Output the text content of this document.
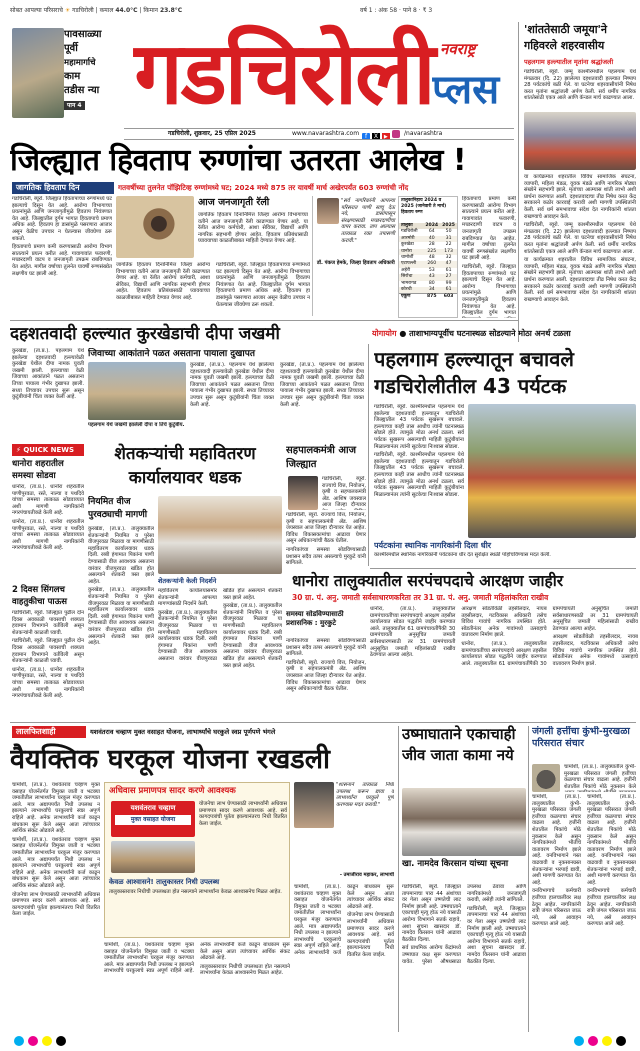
सोबत आपल्या परिसराचे ☀ गडचिरोली | कमाल 44.0°C | किमान 23.8°C	वर्ष 1 : अंक 58 · पाने 8 · ₹ 3
पावसाळ्या
पूर्वी
महामार्गाचे
काम
तडीस न्या
पान 4 गडचिरोली नवराष्ट्र
प्लस
गडचिरोली, शुक्रवार, 25 एप्रिल 2025	www.navarashtra.com f X ▶	/navarashtra
'शांततेसाठी जमूया'ने
गहिवरले शहरवासीय
पहलगाम हल्ल्यातील मृतांना श्रद्धांजली

गडचिरोली, ब्यूरो. जम्मू काश्मीरमधील पहलगाम येथे मंगळवार (दि. 22) झालेल्या दहशतवादी हल्ल्यात निष्पाप 28 पर्यटकांचे बळी गेले. या घटनेचा शहरवासीयांनी निषेध करत मृतांना श्रद्धांजली अर्पण केली. सर्व धर्मीय नागरिक शांततेसाठी एकत्र आले आणि कॅन्डल मार्च काढण्यात आला.

या कार्यक्रमात शहरातील विविध सामाजिक संघटना, व्यापारी, महिला मंडळ, युवक मंडळे आणि नागरिक मोठ्या संख्येने सहभागी झाले. मृतांच्या आत्म्यास शांती लाभो अशी प्रार्थना करण्यात आली. दहशतवादाचा तीव्र निषेध करत केंद्र सरकारने कठोर कारवाई करावी अशी मागणी उपस्थितांनी केली. सर्व धर्म समभावाचा संदेश देत नागरिकांनी शांतता राखण्याचे आवाहन केले.

गडचिरोली, ब्यूरो. जम्मू काश्मीरमधील पहलगाम येथे मंगळवार (दि. 22) झालेल्या दहशतवादी हल्ल्यात निष्पाप 28 पर्यटकांचे बळी गेले. या घटनेचा शहरवासीयांनी निषेध करत मृतांना श्रद्धांजली अर्पण केली. सर्व धर्मीय नागरिक शांततेसाठी एकत्र आले आणि कॅन्डल मार्च काढण्यात आला.

या कार्यक्रमात शहरातील विविध सामाजिक संघटना, व्यापारी, महिला मंडळ, युवक मंडळे आणि नागरिक मोठ्या संख्येने सहभागी झाले. मृतांच्या आत्म्यास शांती लाभो अशी प्रार्थना करण्यात आली. दहशतवादाचा तीव्र निषेध करत केंद्र सरकारने कठोर कारवाई करावी अशी मागणी उपस्थितांनी केली. सर्व धर्म समभावाचा संदेश देत नागरिकांनी शांतता राखण्याचे आवाहन केले.

जिल्ह्यात हिवताप रुग्णांचा उतरता आलेख !
जागतिक हिवताप दिन	गतवर्षीच्या तुलनेत पॉझिटिव्ह रुग्णांमध्ये घट; 2024 मध्ये 875 तर यावर्षी मार्च अखेरपर्यंत 603 रुग्णांची नोंद

गडचिरोली, ब्यूरो. जिल्ह्यात हिवतापाच्या रुग्णांमध्ये घट झाल्याचे दिसून येत आहे. आरोग्य विभागाच्या प्रयत्नांमुळे आणि जनजागृतीमुळे हिवताप नियंत्रणात येत आहे. जिल्ह्यातील दुर्गम भागात हिवतापाचे प्रमाण अधिक आहे. हिवताप हा डासांमुळे पसरणारा आजार असून वेळीच उपचार न घेतल्यास जीवघेणा ठरू शकतो.

हिवतापाचे प्रमाण कमी करण्यासाठी आरोग्य विभाग सातत्याने प्रयत्न करीत आहे. गावागावांत फवारणी, मच्छरदाणी वाटप व जनजागृती उपक्रम राबविण्यात येत आहेत. मागील वर्षाच्या तुलनेत यावर्षी रुग्णसंख्येत लक्षणीय घट झाली आहे.

आज जनजागृती रॅली

जागतिक हिवताप दिनानिमित्त जिल्हा आरोग्य विभागाच्या वतीने आज जनजागृती रॅली काढण्यात येणार आहे. या रॅलीत आरोग्य कर्मचारी, आशा सेविका, विद्यार्थी आणि नागरिक सहभागी होणार आहेत. हिवताप प्रतिबंधासाठी घ्यावयाच्या काळजीबाबत माहिती देण्यात येणार आहे.

जागतिक हिवताप दिनानिमित्त जिल्हा आरोग्य विभागाच्या वतीने आज जनजागृती रॅली काढण्यात येणार आहे. या रॅलीत आरोग्य कर्मचारी, आशा सेविका, विद्यार्थी आणि नागरिक सहभागी होणार आहेत. हिवताप प्रतिबंधासाठी घ्यावयाच्या काळजीबाबत माहिती देण्यात येणार आहे.

गडचिरोली, ब्यूरो. जिल्ह्यात हिवतापाच्या रुग्णांमध्ये घट झाल्याचे दिसून येत आहे. आरोग्य विभागाच्या प्रयत्नांमुळे आणि जनजागृतीमुळे हिवताप नियंत्रणात येत आहे. जिल्ह्यातील दुर्गम भागात हिवतापाचे प्रमाण अधिक आहे. हिवताप हा डासांमुळे पसरणारा आजार असून वेळीच उपचार न घेतल्यास जीवघेणा ठरू शकतो.

"सर्व नागरिकांनी आपल्या परिसरात पाणी साचू देऊ नये, डासांपासून संरक्षणासाठी मच्छरदाणीचा वापर करावा. ताप आल्यास तात्काळ रक्त तपासणी करावी."
डॉ. पंकज हेमके, जिल्हा हिवताप अधिकारी
तालुकानिहाय 2024 व 2025 (जानेवारी ते मार्च) हिवताप रुग्ण
तालुका	2024	2025
गडचिरोली	64	50
आरमोरी	40	31
कुरखेडा	28	22
धानोरा	225	173
चामोर्शी	48	32
एटापल्ली	260	47
अहेरी	53	61
सिरोंचा	43	27
भामरागड	80	99
कोरची	34	61
एकूण	875	603

हिवतापाचे प्रमाण कमी करण्यासाठी आरोग्य विभाग सातत्याने प्रयत्न करीत आहे. गावागावांत फवारणी, मच्छरदाणी वाटप व जनजागृती उपक्रम राबविण्यात येत आहेत. मागील वर्षाच्या तुलनेत यावर्षी रुग्णसंख्येत लक्षणीय घट झाली आहे.

गडचिरोली, ब्यूरो. जिल्ह्यात हिवतापाच्या रुग्णांमध्ये घट झाल्याचे दिसून येत आहे. आरोग्य विभागाच्या प्रयत्नांमुळे आणि जनजागृतीमुळे हिवताप नियंत्रणात येत आहे. जिल्ह्यातील दुर्गम भागात

दहशतवादी हल्ल्यात कुरखेडाची दीपा जखमी	योगायोग ● ताशाभाग्यपूर्वीच घटनास्थळ सोडल्याने मोठा अनर्थ टळला

कुरखेडा, (ता.प्र.). पहलगाम येथे झालेल्या दहशतवादी हल्ल्यावेळी कुरखेडा येथील दीपा नामक युवती जखमी झाली. हल्ल्याच्या वेळी जिवाच्या आकांताने पळत असताना तिच्या पायाला गंभीर दुखापत झाली. सध्या तिच्यावर उपचार सुरू असून कुटुंबीयांनी चिंता व्यक्त केली आहे.

जिवाच्या आकांताने पळत असताना पायाला दुखापत
पहलगाम येथे जखमी झालेली दीपा व तिचे कुटुंबीय.

कुरखेडा, (ता.प्र.). पहलगाम येथे झालेल्या दहशतवादी हल्ल्यावेळी कुरखेडा येथील दीपा नामक युवती जखमी झाली. हल्ल्याच्या वेळी जिवाच्या आकांताने पळत असताना तिच्या पायाला गंभीर दुखापत झाली. सध्या तिच्यावर उपचार सुरू असून कुटुंबीयांनी चिंता व्यक्त केली आहे.

कुरखेडा, (ता.प्र.). पहलगाम येथे झालेल्या दहशतवादी हल्ल्यावेळी कुरखेडा येथील दीपा नामक युवती जखमी झाली. हल्ल्याच्या वेळी जिवाच्या आकांताने पळत असताना तिच्या पायाला गंभीर दुखापत झाली. सध्या तिच्यावर उपचार सुरू असून कुटुंबीयांनी चिंता व्यक्त केली आहे.

पहलगाम हल्ल्यातून बचावले गडचिरोलीतील 43 पर्यटक

गडचिरोली, ब्यूरो. काश्मीरमधील पहलगाम येथे झालेल्या दहशतवादी हल्ल्यातून गडचिरोली जिल्ह्यातील 43 पर्यटक सुखरूप बचावले. हल्ल्याच्या काही तास आधीच त्यांनी घटनास्थळ सोडले होते. त्यामुळे मोठा अनर्थ टळला. सर्व पर्यटक सुखरूप असल्याची माहिती कुटुंबीयांना मिळाल्यानंतर त्यांनी सुटकेचा निःश्वास सोडला.

गडचिरोली, ब्यूरो. काश्मीरमधील पहलगाम येथे झालेल्या दहशतवादी हल्ल्यातून गडचिरोली जिल्ह्यातील 43 पर्यटक सुखरूप बचावले. हल्ल्याच्या काही तास आधीच त्यांनी घटनास्थळ सोडले होते. त्यामुळे मोठा अनर्थ टळला. सर्व पर्यटक सुखरूप असल्याची माहिती कुटुंबीयांना मिळाल्यानंतर त्यांनी सुटकेचा निःश्वास सोडला.

पर्यटकांना स्थानिक नागरिकांनी दिला धीर
काश्मीरमधील स्थानिक नागरिकांनी पर्यटकांना धीर देत सुरक्षित स्थळी पोहोचविण्यास मदत केली.
⚡ QUICK NEWS
धानोरा शहरातील समस्या सोडवा

धानोरा, (ता.प्र.). धानोरा शहरातील पाणीपुरवठा, रस्ते, नाल्या व पथदिवे यांच्या समस्या तात्काळ सोडवाव्यात अशी मागणी नागरिकांनी नगरपंचायतीकडे केली आहे.

धानोरा, (ता.प्र.). धानोरा शहरातील पाणीपुरवठा, रस्ते, नाल्या व पथदिवे यांच्या समस्या तात्काळ सोडवाव्यात अशी मागणी नागरिकांनी नगरपंचायतीकडे केली आहे.

2 दिवस सिंगलच वाहतुकीचा पाऊस

गडचिरोली, ब्यूरो. जिल्ह्यात पुढील दोन दिवस अवकाळी पावसाची शक्यता हवामान विभागाने वर्तविली असून शेतकऱ्यांनी काळजी घ्यावी.

गडचिरोली, ब्यूरो. जिल्ह्यात पुढील दोन दिवस अवकाळी पावसाची शक्यता हवामान विभागाने वर्तविली असून शेतकऱ्यांनी काळजी घ्यावी.

धानोरा, (ता.प्र.). धानोरा शहरातील पाणीपुरवठा, रस्ते, नाल्या व पथदिवे यांच्या समस्या तात्काळ सोडवाव्यात अशी मागणी नागरिकांनी नगरपंचायतीकडे केली आहे.

शेतकऱ्यांची महावितरण कार्यालयावर धडक
नियमित वीज पुरवठ्याची मागणी

कुरखेडा, (ता.प्र.). तालुक्यातील शेतकऱ्यांनी नियमित व पुरेसा वीजपुरवठा मिळावा या मागणीसाठी महावितरण कार्यालयावर धडक दिली. रब्बी हंगामात पिकांना पाणी देण्यासाठी वीज आवश्यक असताना वारंवार वीजपुरवठा खंडित होत असल्याने शेतकरी त्रस्त झाले आहेत.

कुरखेडा, (ता.प्र.). तालुक्यातील शेतकऱ्यांनी नियमित व पुरेसा वीजपुरवठा मिळावा या मागणीसाठी महावितरण कार्यालयावर धडक दिली. रब्बी हंगामात पिकांना पाणी देण्यासाठी वीज आवश्यक असताना वारंवार वीजपुरवठा खंडित होत असल्याने शेतकरी त्रस्त झाले आहेत.

शेतकऱ्यांनी केली निदर्शने

महावितरण कार्यालयासमोर शेतकऱ्यांनी आपल्या मागण्यांसाठी निदर्शने केली.

कुरखेडा, (ता.प्र.). तालुक्यातील शेतकऱ्यांनी नियमित व पुरेसा वीजपुरवठा मिळावा या मागणीसाठी महावितरण कार्यालयावर धडक दिली. रब्बी हंगामात पिकांना पाणी देण्यासाठी वीज आवश्यक असताना वारंवार वीजपुरवठा खंडित होत असल्याने शेतकरी त्रस्त झाले आहेत.

कुरखेडा, (ता.प्र.). तालुक्यातील शेतकऱ्यांनी नियमित व पुरेसा वीजपुरवठा मिळावा या मागणीसाठी महावितरण कार्यालयावर धडक दिली. रब्बी हंगामात पिकांना पाणी देण्यासाठी वीज आवश्यक असताना वारंवार वीजपुरवठा खंडित होत असल्याने शेतकरी त्रस्त झाले आहेत.

सहपालकमंत्री आज जिल्ह्यात

गडचिरोली, ब्यूरो. राज्याचे वित्त, नियोजन, कृषी व सहपालकमंत्री ॲड. आशिष जयस्वाल आज जिल्हा दौऱ्यावर

गडचिरोली, ब्यूरो. राज्याचे वित्त, नियोजन, कृषी व सहपालकमंत्री ॲड. आशिष जयस्वाल आज जिल्हा दौऱ्यावर येत आहेत. विविध विकासकामांचा आढावा घेणार असून अधिकाऱ्यांची बैठक घेतील.

नागरिकांच्या समस्या सोडविण्यासाठी प्रशासन सदैव तत्पर असल्याचे मुरकुटे यांनी सांगितले.

समस्या सोडविण्यासाठी प्रशासनिक : मुरकुटे

नागरिकांच्या समस्या सोडविण्यासाठी प्रशासन सदैव तत्पर असल्याचे मुरकुटे यांनी सांगितले.

गडचिरोली, ब्यूरो. राज्याचे वित्त, नियोजन, कृषी व सहपालकमंत्री ॲड. आशिष जयस्वाल आज जिल्हा दौऱ्यावर येत आहेत. विविध विकासकामांचा आढावा घेणार असून अधिकाऱ्यांची बैठक घेतील.

धानोरा तालुक्यातील सरपंचपदाचे आरक्षण जाहीर
30 ग्रा. पं. अनु. जमाती सर्वसाधारणकरिता तर 31 ग्रा. पं. अनु. जमाती महिलांकरिता राखीव

धानोरा, (ता.प्र.). तालुक्यातील ग्रामपंचायतींच्या सरपंचपदाचे आरक्षण तहसील कार्यालयात सोडत पद्धतीने जाहीर करण्यात आले. तालुक्यातील 61 ग्रामपंचायतींपैकी 30 ग्रामपंचायती अनुसूचित जमाती सर्वसाधारणसाठी तर 31 ग्रामपंचायती अनुसूचित जमाती महिलांसाठी राखीव ठेवण्यात आल्या आहेत.

आरक्षण सोडतीवेळी तहसीलदार, नायब तहसीलदार, गटविकास अधिकारी तसेच विविध गावांचे नागरिक उपस्थित होते. सोडतीनंतर अनेक गावांमध्ये उत्साहाचे वातावरण निर्माण झाले.

धानोरा, (ता.प्र.). तालुक्यातील ग्रामपंचायतींच्या सरपंचपदाचे आरक्षण तहसील कार्यालयात सोडत पद्धतीने जाहीर करण्यात आले. तालुक्यातील 61 ग्रामपंचायतींपैकी 30 ग्रामपंचायती अनुसूचित जमाती सर्वसाधारणसाठी तर 31 ग्रामपंचायती अनुसूचित जमाती महिलांसाठी राखीव ठेवण्यात आल्या आहेत.

आरक्षण सोडतीवेळी तहसीलदार, नायब तहसीलदार, गटविकास अधिकारी तसेच विविध गावांचे नागरिक उपस्थित होते. सोडतीनंतर अनेक गावांमध्ये उत्साहाचे वातावरण निर्माण झाले.

लालफितशाही	यशवंतराव चव्हाण मुक्त वसाहत योजना, लाभार्थ्यांचे घरकुले स्वप्न पूर्णपणे भंगले
वैयक्तिक घरकूल योजना रखडली

चामोर्शी, (ता.प्र.). यशवंतराव चव्हाण मुक्त वसाहत योजनेंतर्गत विमुक्त जाती व भटक्या जमातीतील लाभार्थ्यांना घरकुल मंजूर करण्यात आले. मात्र अद्यापपर्यंत निधी उपलब्ध न झाल्याने लाभार्थ्यांचे घरकुलाचे स्वप्न अपूर्ण राहिले आहे. अनेक लाभार्थ्यांनी कर्ज काढून बांधकाम सुरू केले असून आता त्यांच्यावर आर्थिक संकट ओढवले आहे.

चामोर्शी, (ता.प्र.). यशवंतराव चव्हाण मुक्त वसाहत योजनेंतर्गत विमुक्त जाती व भटक्या जमातीतील लाभार्थ्यांना घरकुल मंजूर करण्यात आले. मात्र अद्यापपर्यंत निधी उपलब्ध न झाल्याने लाभार्थ्यांचे घरकुलाचे स्वप्न अपूर्ण राहिले आहे. अनेक लाभार्थ्यांनी कर्ज काढून बांधकाम सुरू केले असून आता त्यांच्यावर आर्थिक संकट ओढवले आहे.

योजनेचा लाभ घेण्यासाठी लाभार्थ्यांनी अधिवास प्रमाणपत्र सादर करणे आवश्यक आहे. सर्व कागदपत्रांची पूर्तता झाल्यानंतरच निधी वितरित केला जाईल.

अधिवास प्रमाणपत्र सादर करणे आवश्यक
यशवंतराव चव्हाण
मुक्त वसाहत योजना
योजनेचा लाभ घेण्यासाठी लाभार्थ्यांनी अधिवास प्रमाणपत्र सादर करणे आवश्यक आहे. सर्व कागदपत्रांची पूर्तता झाल्यानंतरच निधी वितरित केला जाईल.
केवळ आश्वासने! तालुकास्तर निधी उपलब्ध
तालुकास्तरावर निधीची उपलब्धता होत नसल्याने लाभार्थ्यांना केवळ आश्वासनेच मिळत आहेत.

चामोर्शी, (ता.प्र.). यशवंतराव चव्हाण मुक्त वसाहत योजनेंतर्गत विमुक्त जाती व भटक्या जमातीतील लाभार्थ्यांना घरकुल मंजूर करण्यात आले. मात्र अद्यापपर्यंत निधी उपलब्ध न झाल्याने लाभार्थ्यांचे घरकुलाचे स्वप्न अपूर्ण राहिले आहे. अनेक लाभार्थ्यांनी कर्ज काढून बांधकाम सुरू केले असून आता त्यांच्यावर आर्थिक संकट ओढवले आहे.

तालुकास्तरावर निधीची उपलब्धता होत नसल्याने लाभार्थ्यांना केवळ आश्वासनेच मिळत आहेत.

"शासनाने तात्काळ निधी उपलब्ध करून द्यावा व लाभार्थ्यांना घरकुले पूर्ण करण्यास मदत करावी."
- उमाजीराव महाकर, लाभार्थी

चामोर्शी, (ता.प्र.). यशवंतराव चव्हाण मुक्त वसाहत योजनेंतर्गत विमुक्त जाती व भटक्या जमातीतील लाभार्थ्यांना घरकुल मंजूर करण्यात आले. मात्र अद्यापपर्यंत निधी उपलब्ध न झाल्याने लाभार्थ्यांचे घरकुलाचे स्वप्न अपूर्ण राहिले आहे. अनेक लाभार्थ्यांनी कर्ज काढून बांधकाम सुरू केले असून आता त्यांच्यावर आर्थिक संकट ओढवले आहे.

योजनेचा लाभ घेण्यासाठी लाभार्थ्यांनी अधिवास प्रमाणपत्र सादर करणे आवश्यक आहे. सर्व कागदपत्रांची पूर्तता झाल्यानंतरच निधी वितरित केला जाईल.

उष्माघाताने एकाचाही जीव जाता कामा नये
खा. नामदेव किरसान यांच्या सूचना

गडचिरोली, ब्यूरो. जिल्ह्यात तापमानाचा पारा 44 अंशांच्या वर गेला असून उष्णतेची लाट निर्माण झाली आहे. उष्माघाताने एकाचाही मृत्यू होऊ नये यासाठी आरोग्य विभागाने सतर्क राहावे, अशा सूचना खासदार डॉ. नामदेव किरसान यांनी आढावा बैठकीत दिल्या.

सर्व प्राथमिक आरोग्य केंद्रांमध्ये उष्माघात कक्ष सुरू करण्यात यावेत. पुरेसा औषधसाठा उपलब्ध ठेवावा आणि नागरिकांमध्ये जनजागृती करावी, असेही त्यांनी सांगितले.

गडचिरोली, ब्यूरो. जिल्ह्यात तापमानाचा पारा 44 अंशांच्या वर गेला असून उष्णतेची लाट निर्माण झाली आहे. उष्माघाताने एकाचाही मृत्यू होऊ नये यासाठी आरोग्य विभागाने सतर्क राहावे, अशा सूचना खासदार डॉ. नामदेव किरसान यांनी आढावा बैठकीत दिल्या.

जंगली हत्तींचा कुंभी-मुरखळा परिसरात संचार

चामोर्शी, (ता.प्र.). तालुक्यातील कुंभी-मुरखळा परिसरात जंगली हत्तींच्या कळपाचा संचार वाढला आहे. हत्तींनी शेतातील पिकांचे मोठे नुकसान केले

चामोर्शी, (ता.प्र.). तालुक्यातील कुंभी-मुरखळा परिसरात जंगली हत्तींच्या कळपाचा संचार वाढला आहे. हत्तींनी शेतातील पिकांचे मोठे नुकसान केले असून नागरिकांमध्ये भीतीचे वातावरण निर्माण झाले आहे. वनविभागाने गस्त वाढवावी व नुकसानग्रस्त शेतकऱ्यांना भरपाई द्यावी, अशी मागणी करण्यात येत आहे.

वनविभागाचे कर्मचारी हत्तींच्या हालचालींवर लक्ष ठेवून आहेत. नागरिकांनी रात्री जंगल परिसरात जाऊ नये, असे आवाहन करण्यात आले आहे.

चामोर्शी, (ता.प्र.). तालुक्यातील कुंभी-मुरखळा परिसरात जंगली हत्तींच्या कळपाचा संचार वाढला आहे. हत्तींनी शेतातील पिकांचे मोठे नुकसान केले असून नागरिकांमध्ये भीतीचे वातावरण निर्माण झाले आहे. वनविभागाने गस्त वाढवावी व नुकसानग्रस्त शेतकऱ्यांना भरपाई द्यावी, अशी मागणी करण्यात येत आहे.

वनविभागाचे कर्मचारी हत्तींच्या हालचालींवर लक्ष ठेवून आहेत. नागरिकांनी रात्री जंगल परिसरात जाऊ नये, असे आवाहन करण्यात आले आहे.
